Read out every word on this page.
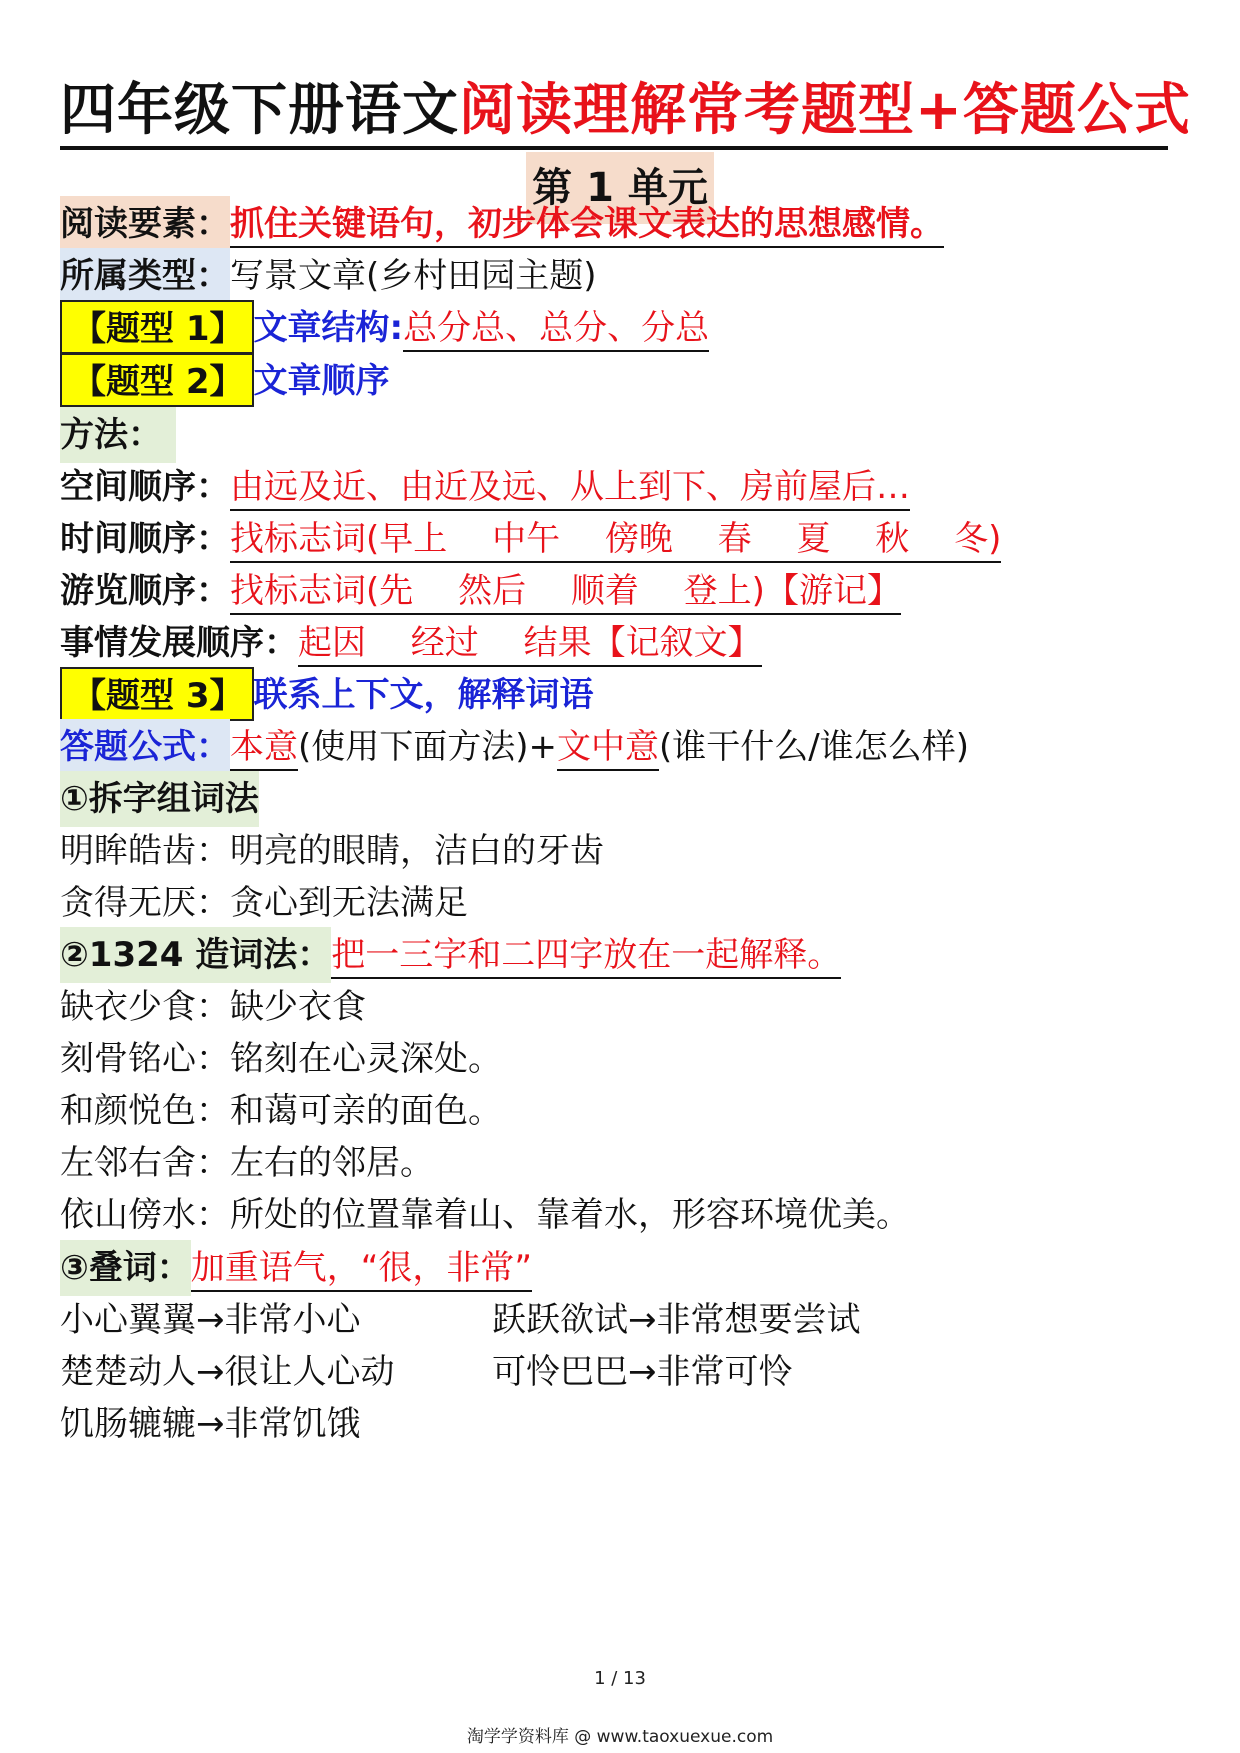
四年级下册语文阅读理解常考题型+答题公式
第 1 单元
阅读要素：抓住关键语句，初步体会课文表达的思想感情。
所属类型：写景文章(乡村田园主题)
【题型 1】 文章结构:总分总、总分、分总
【题型 2】 文章顺序
方法：
空间顺序：由远及近、由近及远、从上到下、房前屋后…
时间顺序：找标志词(早上　 中午　 傍晚　 春　 夏　 秋　 冬)
游览顺序：找标志词(先　 然后　 顺着　 登上)【游记】
事情发展顺序：起因　 经过　 结果【记叙文】
【题型 3】 联系上下文，解释词语
答题公式：本意(使用下面方法)+文中意(谁干什么/谁怎么样)
①拆字组词法
明眸皓齿：明亮的眼睛，洁白的牙齿
贪得无厌：贪心到无法满足
②1324 造词法：把一三字和二四字放在一起解释。
缺衣少食：缺少衣食
刻骨铭心：铭刻在心灵深处。
和颜悦色：和蔼可亲的面色。
左邻右舍：左右的邻居。
依山傍水：所处的位置靠着山、靠着水，形容环境优美。
③叠词：加重语气，“很，非常”
小心翼翼→非常小心	跃跃欲试→非常想要尝试
楚楚动人→很让人心动	可怜巴巴→非常可怜
饥肠辘辘→非常饥饿
1 / 13
淘学学资料库 @ www.taoxuexue.com
